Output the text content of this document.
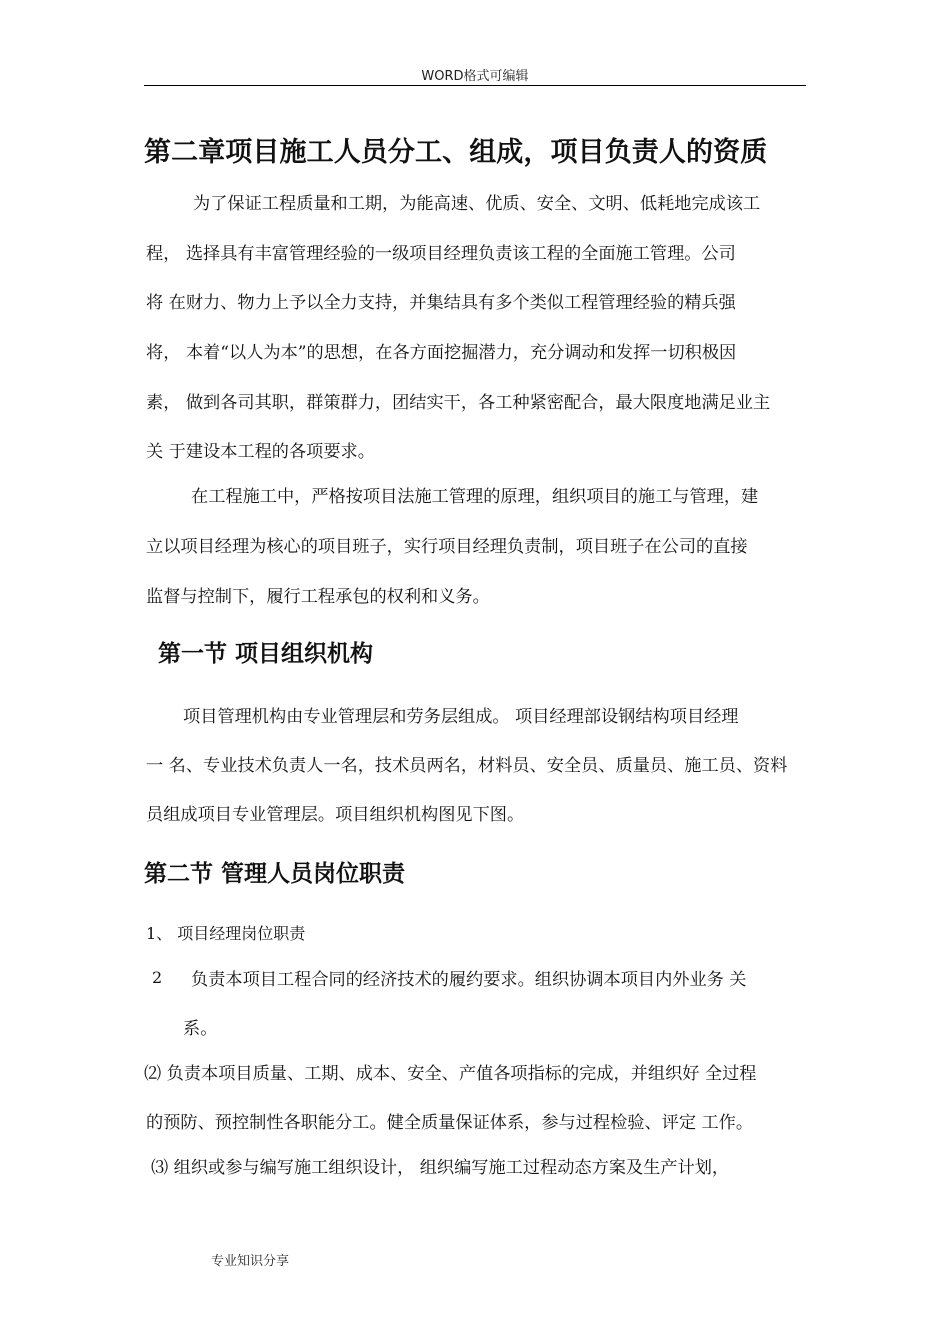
WORD格式可编辑
第二章项目施工人员分工、组成，项目负责人的资质
为了保证工程质量和工期，为能高速、优质、安全、文明、低耗地完成该工
程， 选择具有丰富管理经验的一级项目经理负责该工程的全面施工管理。公司
将 在财力、物力上予以全力支持，并集结具有多个类似工程管理经验的精兵强
将， 本着“以人为本”的思想，在各方面挖掘潜力，充分调动和发挥一切积极因
素， 做到各司其职，群策群力，团结实干，各工种紧密配合，最大限度地满足业主
关 于建设本工程的各项要求。
在工程施工中，严格按项目法施工管理的原理，组织项目的施工与管理，建
立以项目经理为核心的项目班子，实行项目经理负责制，项目班子在公司的直接
监督与控制下，履行工程承包的权利和义务。
第一节 项目组织机构
项目管理机构由专业管理层和劳务层组成。 项目经理部设钢结构项目经理
一 名、专业技术负责人一名，技术员两名，材料员、安全员、质量员、施工员、资料
员组成项目专业管理层。项目组织机构图见下图。
第二节 管理人员岗位职责
1、 项目经理岗位职责
2 负责本项目工程合同的经济技术的履约要求。组织协调本项目内外业务 关
系。
⑵ 负责本项目质量、工期、成本、安全、产值各项指标的完成，并组织好 全过程
的预防、预控制性各职能分工。健全质量保证体系，参与过程检验、评定 工作。
⑶ 组织或参与编写施工组织设计， 组织编写施工过程动态方案及生产计划，
专业知识分享
